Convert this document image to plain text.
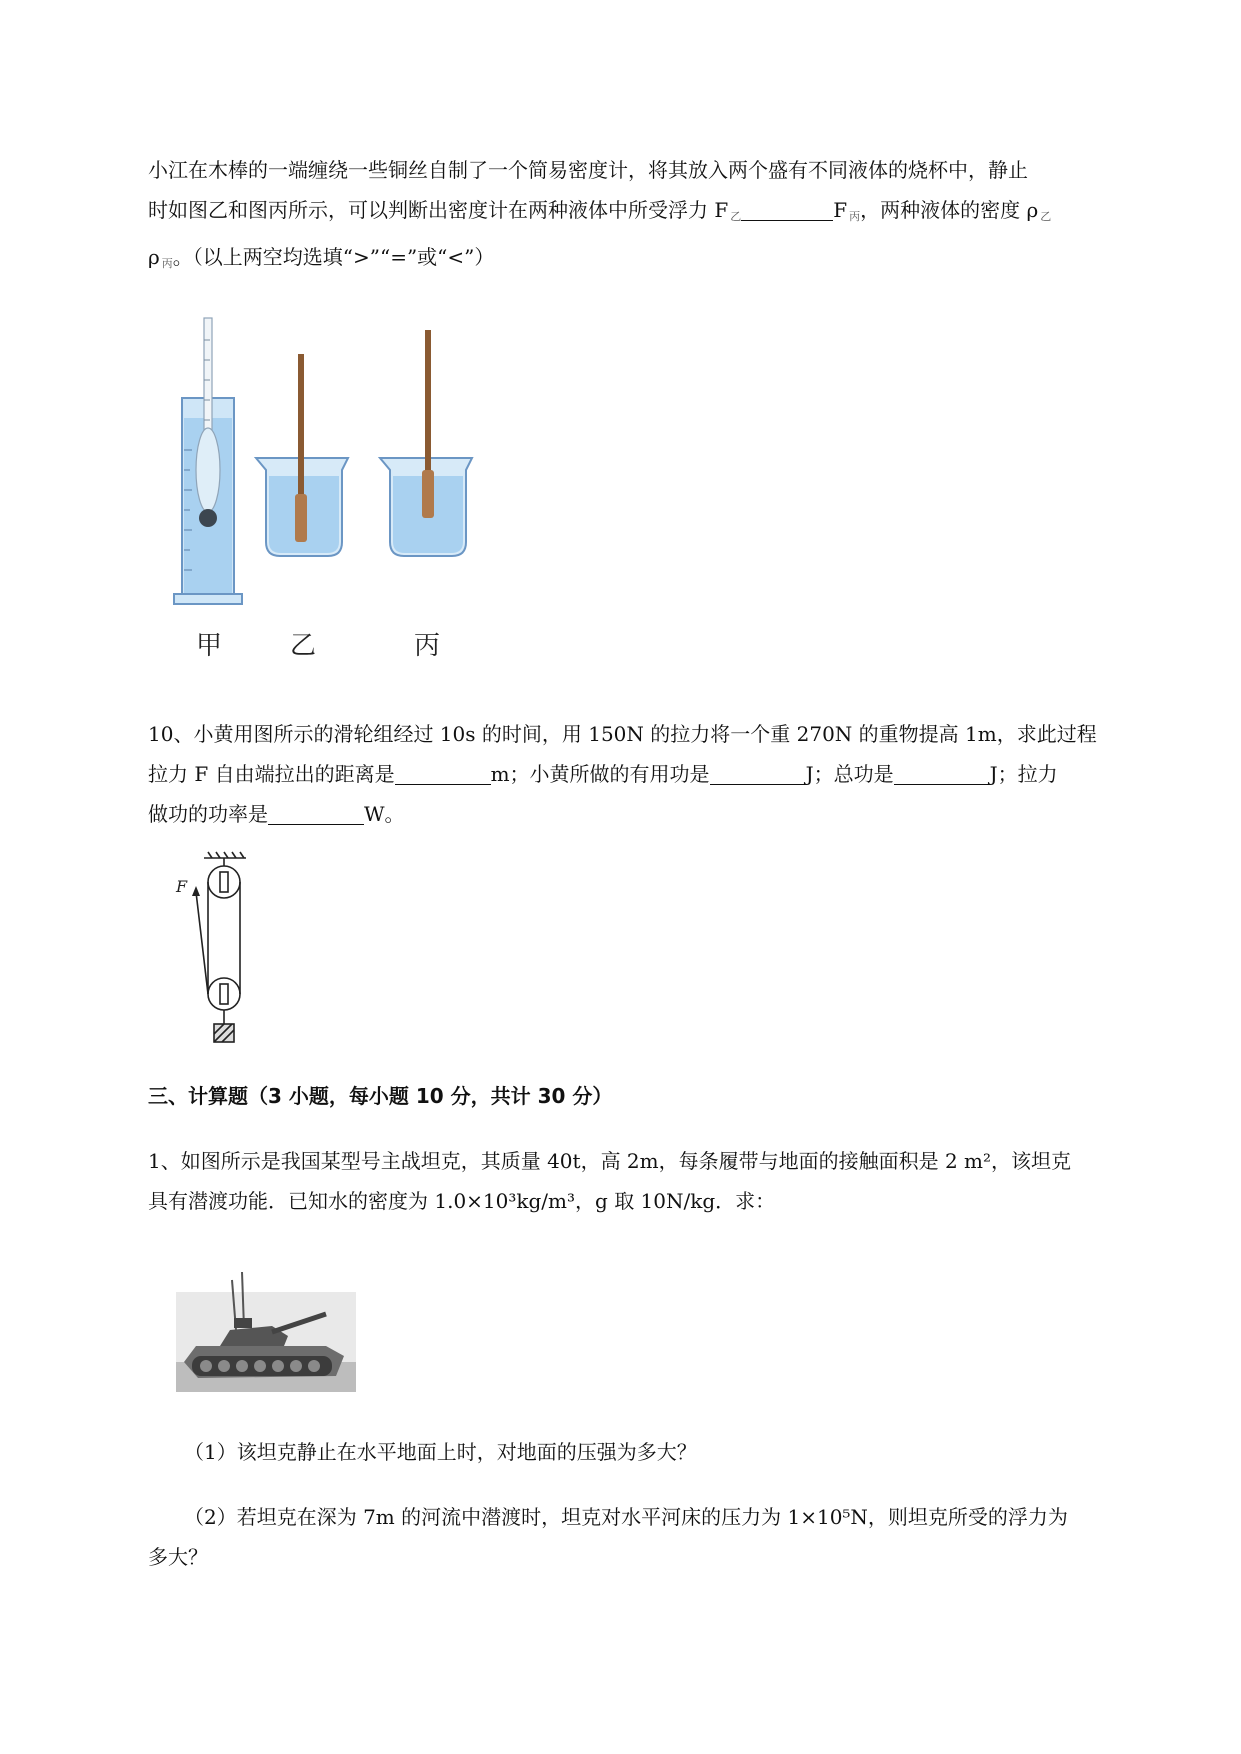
小江在木棒的一端缠绕一些铜丝自制了一个简易密度计，将其放入两个盛有不同液体的烧杯中，静止
时如图乙和图丙所示，可以判断出密度计在两种液体中所受浮力 F $_乙$	F $_丙$，两种液体的密度 ρ $_乙$
ρ $_丙$。（以上两空均选填“>”“=”或“<”）

甲	乙	丙

10、小黄用图所示的滑轮组经过 10s 的时间，用 150N 的拉力将一个重 270N 的重物提高 1m，求此过程
拉力 F 自由端拉出的距离是	m；小黄所做的有用功是	J；总功是	J；拉力
做功的功率是	W。

F

三、计算题（3 小题，每小题 10 分，共计 30 分）

1、如图所示是我国某型号主战坦克，其质量 40t，高 2m，每条履带与地面的接触面积是 2 m²，该坦克
具有潜渡功能．已知水的密度为 1.0×10³kg/m³，g 取 10N/kg．求：

（1）该坦克静止在水平地面上时，对地面的压强为多大？

（2）若坦克在深为 7m 的河流中潜渡时，坦克对水平河床的压力为 1×10⁵N，则坦克所受的浮力为
多大？
